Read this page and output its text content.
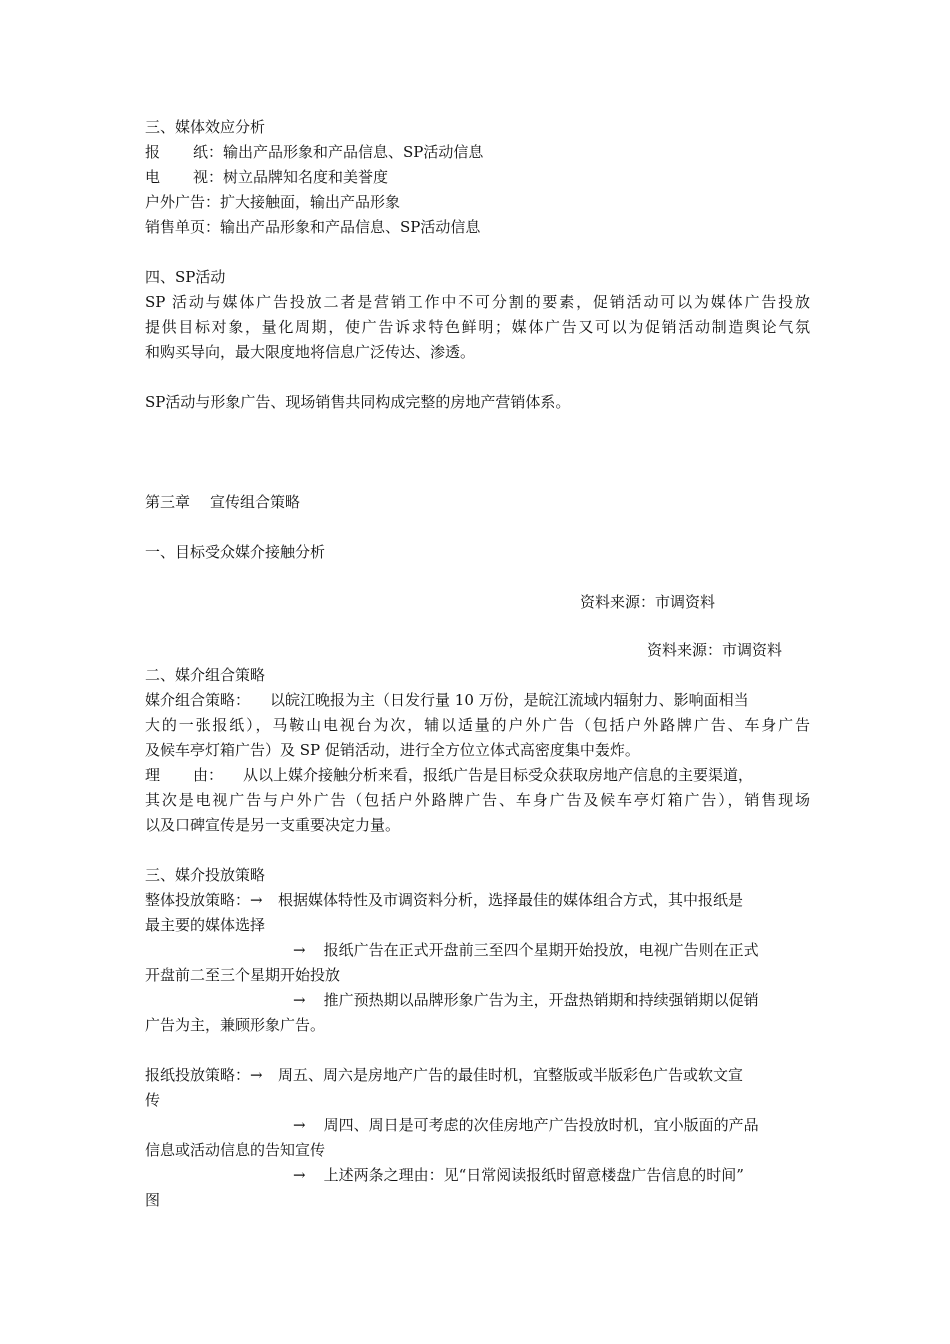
三、媒体效应分析
报 纸：输出产品形象和产品信息、SP活动信息
电 视：树立品牌知名度和美誉度
户外广告：扩大接触面，输出产品形象
销售单页：输出产品形象和产品信息、SP活动信息
四、SP活动
SP 活动与媒体广告投放二者是营销工作中不可分割的要素，促销活动可以为媒体广告投放
提供目标对象，量化周期，使广告诉求特色鲜明；媒体广告又可以为促销活动制造舆论气氛
和购买导向，最大限度地将信息广泛传达、渗透。
SP活动与形象广告、现场销售共同构成完整的房地产营销体系。
第三章 宣传组合策略
一、目标受众媒介接触分析
资料来源：市调资料
资料来源：市调资料
二、媒介组合策略
媒介组合策略： 以皖江晚报为主（日发行量 10 万份，是皖江流域内辐射力、影响面相当
大的一张报纸），马鞍山电视台为次，辅以适量的户外广告（包括户外路牌广告、车身广告
及候车亭灯箱广告）及 SP 促销活动，进行全方位立体式高密度集中轰炸。
理 由： 从以上媒介接触分析来看，报纸广告是目标受众获取房地产信息的主要渠道，
其次是电视广告与户外广告（包括户外路牌广告、车身广告及候车亭灯箱广告），销售现场
以及口碑宣传是另一支重要决定力量。
三、媒介投放策略
整体投放策略：→ 根据媒体特性及市调资料分析，选择最佳的媒体组合方式，其中报纸是
最主要的媒体选择
→ 报纸广告在正式开盘前三至四个星期开始投放，电视广告则在正式
开盘前二至三个星期开始投放
→ 推广预热期以品牌形象广告为主，开盘热销期和持续强销期以促销
广告为主，兼顾形象广告。
报纸投放策略：→ 周五、周六是房地产广告的最佳时机，宜整版或半版彩色广告或软文宣
传
→ 周四、周日是可考虑的次佳房地产广告投放时机，宜小版面的产品
信息或活动信息的告知宣传
→ 上述两条之理由：见“日常阅读报纸时留意楼盘广告信息的时间”
图
